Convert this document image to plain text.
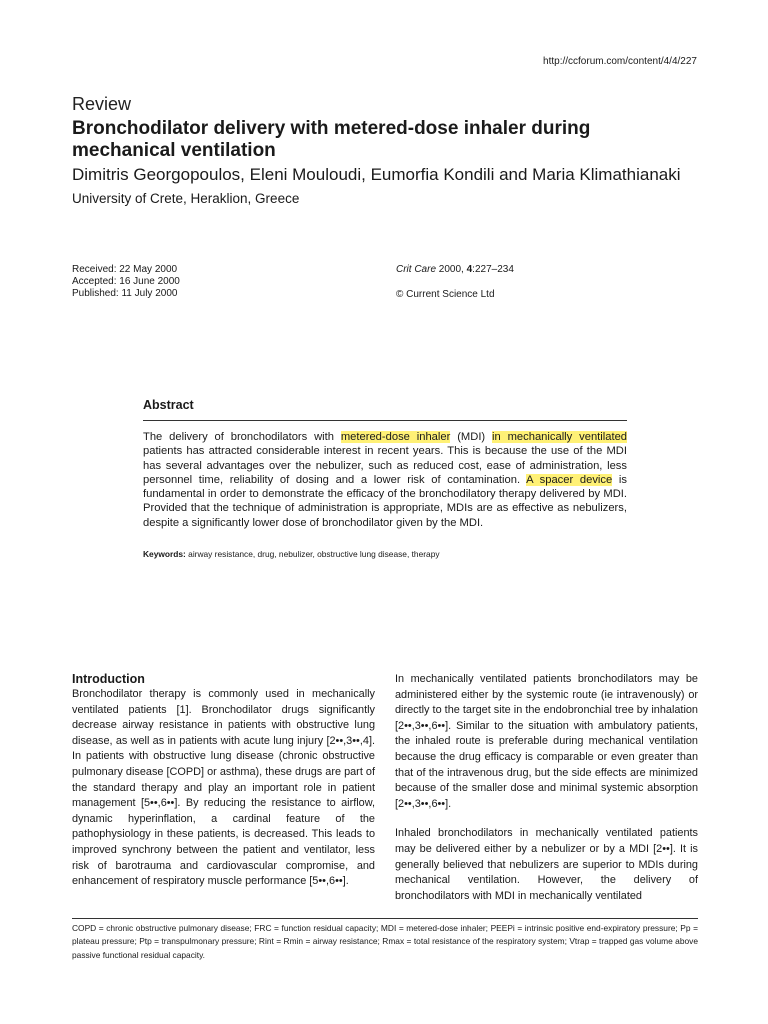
http://ccforum.com/content/4/4/227
Review
Bronchodilator delivery with metered-dose inhaler during mechanical ventilation
Dimitris Georgopoulos, Eleni Mouloudi, Eumorfia Kondili and Maria Klimathianaki
University of Crete, Heraklion, Greece
Received: 22 May 2000
Accepted: 16 June 2000
Published: 11 July 2000
Crit Care 2000, 4:227–234
© Current Science Ltd
Abstract

The delivery of bronchodilators with metered-dose inhaler (MDI) in mechanically ventilated patients has attracted considerable interest in recent years. This is because the use of the MDI has several advantages over the nebulizer, such as reduced cost, ease of administration, less personnel time, reliability of dosing and a lower risk of contamination. A spacer device is fundamental in order to demonstrate the efficacy of the bronchodilatory therapy delivered by MDI. Provided that the technique of administration is appropriate, MDIs are as effective as nebulizers, despite a significantly lower dose of bronchodilator given by the MDI.

Keywords: airway resistance, drug, nebulizer, obstructive lung disease, therapy
Introduction

Bronchodilator therapy is commonly used in mechanically ventilated patients [1]. Bronchodilator drugs significantly decrease airway resistance in patients with obstructive lung disease, as well as in patients with acute lung injury [2••,3••,4]. In patients with obstructive lung disease (chronic obstructive pulmonary disease [COPD] or asthma), these drugs are part of the standard therapy and play an important role in patient management [5••,6••]. By reducing the resistance to airflow, dynamic hyperinflation, a cardinal feature of the pathophysiology in these patients, is decreased. This leads to improved synchrony between the patient and ventilator, less risk of barotrauma and cardiovascular compromise, and enhancement of respiratory muscle performance [5••,6••].

In mechanically ventilated patients bronchodilators may be administered either by the systemic route (ie intravenously) or directly to the target site in the endobronchial tree by inhalation [2••,3••,6••]. Similar to the situation with ambulatory patients, the inhaled route is preferable during mechanical ventilation because the drug efficacy is comparable or even greater than that of the intravenous drug, but the side effects are minimized because of the smaller dose and minimal systemic absorption [2••,3••,6••].

Inhaled bronchodilators in mechanically ventilated patients may be delivered either by a nebulizer or by a MDI [2••]. It is generally believed that nebulizers are superior to MDIs during mechanical ventilation. However, the delivery of bronchodilators with MDI in mechanically ventilated

COPD = chronic obstructive pulmonary disease; FRC = function residual capacity; MDI = metered-dose inhaler; PEEPi = intrinsic positive end-expiratory pressure; Pp = plateau pressure; Ptp = transpulmonary pressure; Rint = Rmin = airway resistance; Rmax = total resistance of the respiratory system; Vtrap = trapped gas volume above passive functional residual capacity.
